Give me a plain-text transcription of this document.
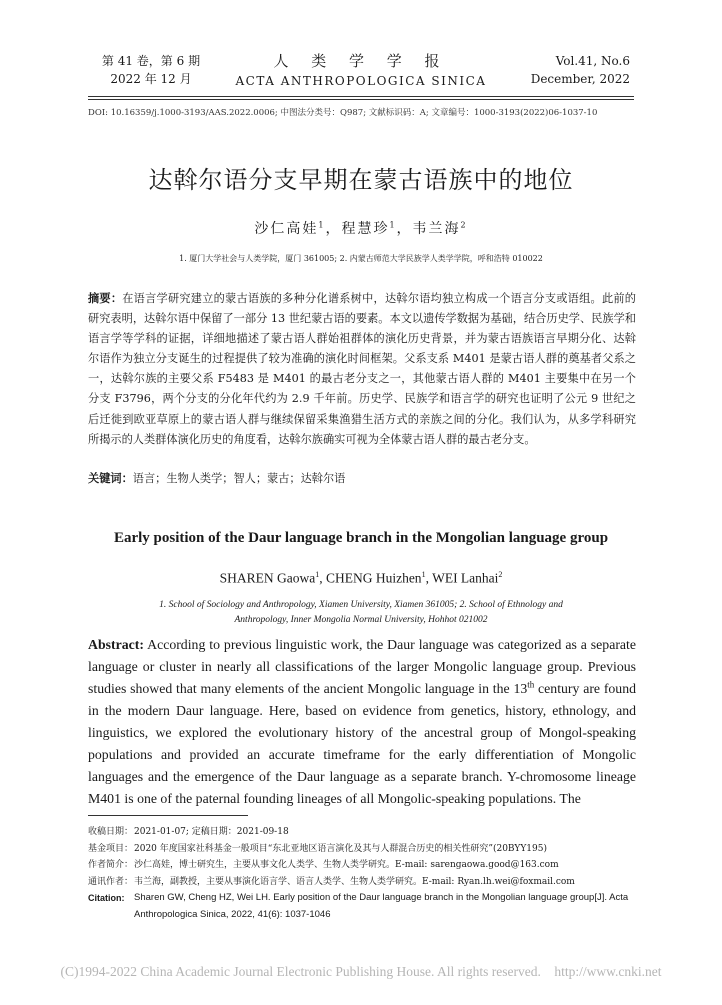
第 41 卷，第 6 期
2022 年 12 月
人 类 学 学 报
ACTA ANTHROPOLOGICA SINICA
Vol.41, No.6
December, 2022
DOI: 10.16359/j.1000-3193/AAS.2022.0006; 中图法分类号：Q987; 文献标识码：A; 文章编号：1000-3193(2022)06-1037-10
达斡尔语分支早期在蒙古语族中的地位
沙仁高娃$^1$，程慧珍$^1$，韦兰海$^2$
1. 厦门大学社会与人类学院，厦门 361005; 2. 内蒙古师范大学民族学人类学学院，呼和浩特 010022
摘要：在语言学研究建立的蒙古语族的多种分化谱系树中，达斡尔语均独立构成一个语言分支或语组。此前的研究表明，达斡尔语中保留了一部分 13 世纪蒙古语的要素。本文以遗传学数据为基础，结合历史学、民族学和语言学等学科的证据，详细地描述了蒙古语人群始祖群体的演化历史背景，并为蒙古语族语言早期分化、达斡尔语作为独立分支诞生的过程提供了较为准确的演化时间框架。父系支系 M401 是蒙古语人群的奠基者父系之一，达斡尔族的主要父系 F5483 是 M401 的最古老分支之一，其他蒙古语人群的 M401 主要集中在另一个分支 F3796，两个分支的分化年代约为 2.9 千年前。历史学、民族学和语言学的研究也证明了公元 9 世纪之后迁徙到欧亚草原上的蒙古语人群与继续保留采集渔猎生活方式的亲族之间的分化。我们认为，从多学科研究所揭示的人类群体演化历史的角度看，达斡尔族确实可视为全体蒙古语人群的最古老分支。
关键词：语言；生物人类学；智人；蒙古；达斡尔语
Early position of the Daur language branch in the Mongolian language group
SHAREN Gaowa$^1$, CHENG Huizhen$^1$, WEI Lanhai$^2$
1. School of Sociology and Anthropology, Xiamen University, Xiamen 361005; 2. School of Ethnology and
Anthropology, Inner Mongolia Normal University, Hohhot 021002
Abstract: According to previous linguistic work, the Daur language was categorized as a separate language or cluster in nearly all classifications of the larger Mongolic language group. Previous studies showed that many elements of the ancient Mongolic language in the 13th century are found in the modern Daur language. Here, based on evidence from genetics, history, ethnology, and linguistics, we explored the evolutionary history of the ancestral group of Mongol-speaking populations and provided an accurate timeframe for the early differentiation of Mongolic languages and the emergence of the Daur language as a separate branch. Y-chromosome lineage M401 is one of the paternal founding lineages of all Mongolic-speaking populations. The
收稿日期： 2021-01-07; 定稿日期：2021-09-18
基金项目： 2020 年度国家社科基金一般项目“东北亚地区语言演化及其与人群混合历史的相关性研究”(20BYY195)
作者简介： 沙仁高娃，博士研究生，主要从事文化人类学、生物人类学研究。E-mail: sarengaowa.good@163.com
通讯作者： 韦兰海，副教授，主要从事演化语言学、语言人类学、生物人类学研究。E-mail: Ryan.lh.wei@foxmail.com
Citation:	Sharen GW, Cheng HZ, Wei LH. Early position of the Daur language branch in the Mongolian language group[J]. Acta Anthropologica Sinica, 2022, 41(6): 1037-1046
(C)1994-2022 China Academic Journal Electronic Publishing House. All rights reserved.    http://www.cnki.net
